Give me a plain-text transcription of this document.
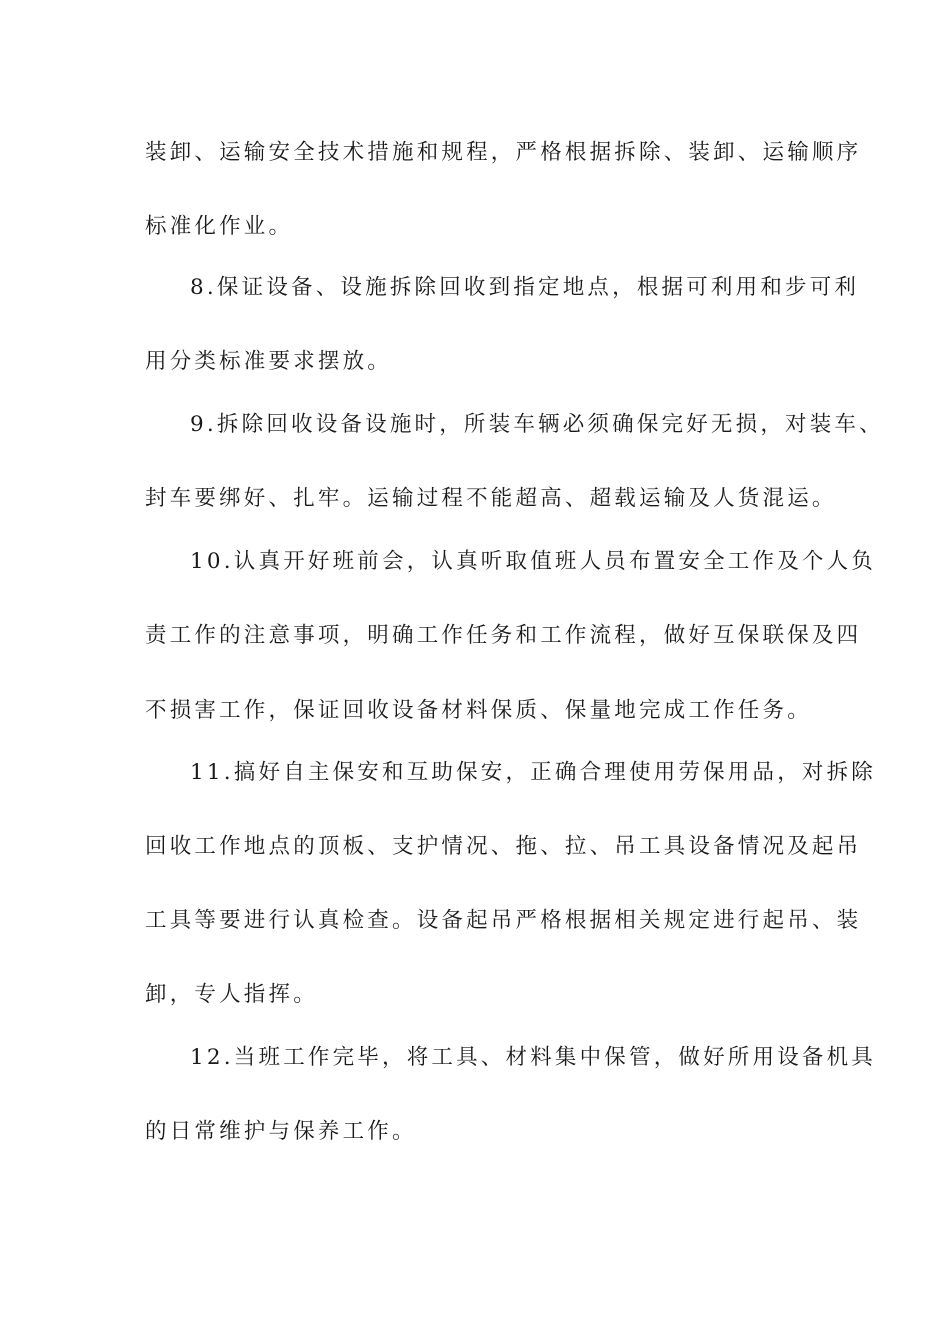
装卸、运输安全技术措施和规程，严格根据拆除、装卸、运输顺序
标准化作业。
8.保证设备、设施拆除回收到指定地点，根据可利用和步可利
用分类标准要求摆放。
9.拆除回收设备设施时，所装车辆必须确保完好无损，对装车、
封车要绑好、扎牢。运输过程不能超高、超载运输及人货混运。
10.认真开好班前会，认真听取值班人员布置安全工作及个人负
责工作的注意事项，明确工作任务和工作流程，做好互保联保及四
不损害工作，保证回收设备材料保质、保量地完成工作任务。
11.搞好自主保安和互助保安，正确合理使用劳保用品，对拆除
回收工作地点的顶板、支护情况、拖、拉、吊工具设备情况及起吊
工具等要进行认真检查。设备起吊严格根据相关规定进行起吊、装
卸，专人指挥。
12.当班工作完毕，将工具、材料集中保管，做好所用设备机具
的日常维护与保养工作。
